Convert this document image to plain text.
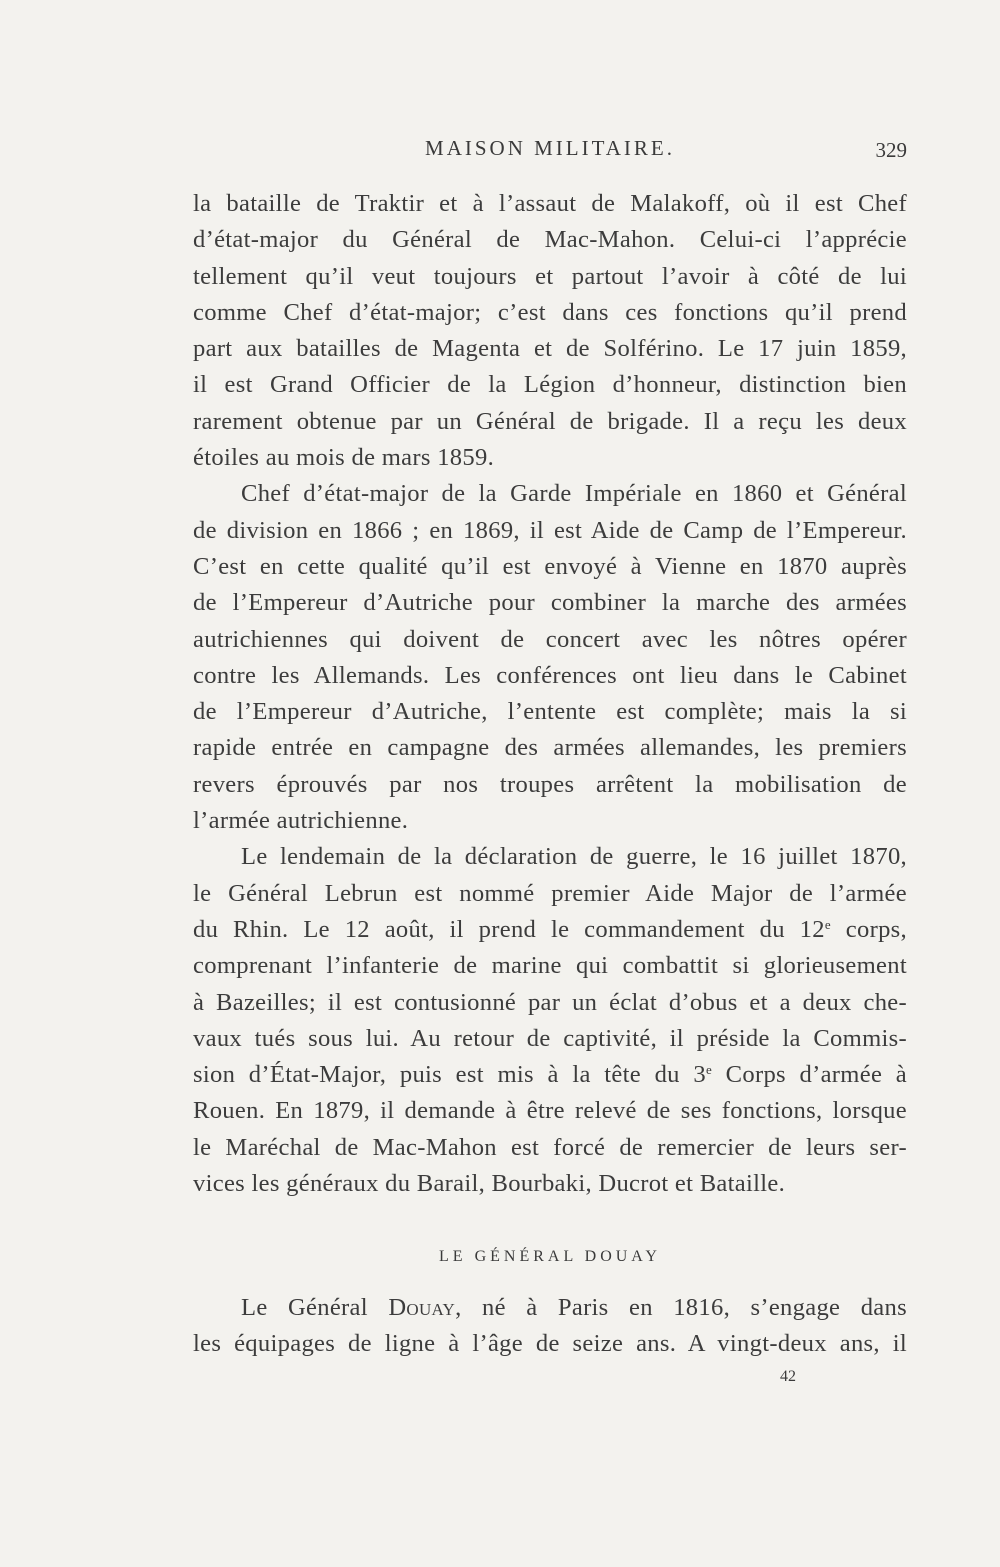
MAISON MILITAIRE.	329

la bataille de Traktir et à l’assaut de Malakoff, où il est Chef
d’état-major du Général de Mac-Mahon. Celui-ci l’apprécie
tellement qu’il veut toujours et partout l’avoir à côté de lui
comme Chef d’état-major; c’est dans ces fonctions qu’il prend
part aux batailles de Magenta et de Solférino. Le 17 juin 1859,
il est Grand Officier de la Légion d’honneur, distinction bien
rarement obtenue par un Général de brigade. Il a reçu les deux
étoiles au mois de mars 1859.

Chef d’état-major de la Garde Impériale en 1860 et Général
de division en 1866 ; en 1869, il est Aide de Camp de l’Empereur.
C’est en cette qualité qu’il est envoyé à Vienne en 1870 auprès
de l’Empereur d’Autriche pour combiner la marche des armées
autrichiennes qui doivent de concert avec les nôtres opérer
contre les Allemands. Les conférences ont lieu dans le Cabinet
de l’Empereur d’Autriche, l’entente est complète; mais la si
rapide entrée en campagne des armées allemandes, les premiers
revers éprouvés par nos troupes arrêtent la mobilisation de
l’armée autrichienne.

Le lendemain de la déclaration de guerre, le 16 juillet 1870,
le Général Lebrun est nommé premier Aide Major de l’armée
du Rhin. Le 12 août, il prend le commandement du 12e corps,
comprenant l’infanterie de marine qui combattit si glorieusement
à Bazeilles; il est contusionné par un éclat d’obus et a deux che-
vaux tués sous lui. Au retour de captivité, il préside la Commis-
sion d’État-Major, puis est mis à la tête du 3e Corps d’armée à
Rouen. En 1879, il demande à être relevé de ses fonctions, lorsque
le Maréchal de Mac-Mahon est forcé de remercier de leurs ser-
vices les généraux du Barail, Bourbaki, Ducrot et Bataille.

LE GÉNÉRAL DOUAY

Le Général Douay, né à Paris en 1816, s’engage dans
les équipages de ligne à l’âge de seize ans. A vingt-deux ans, il

42
